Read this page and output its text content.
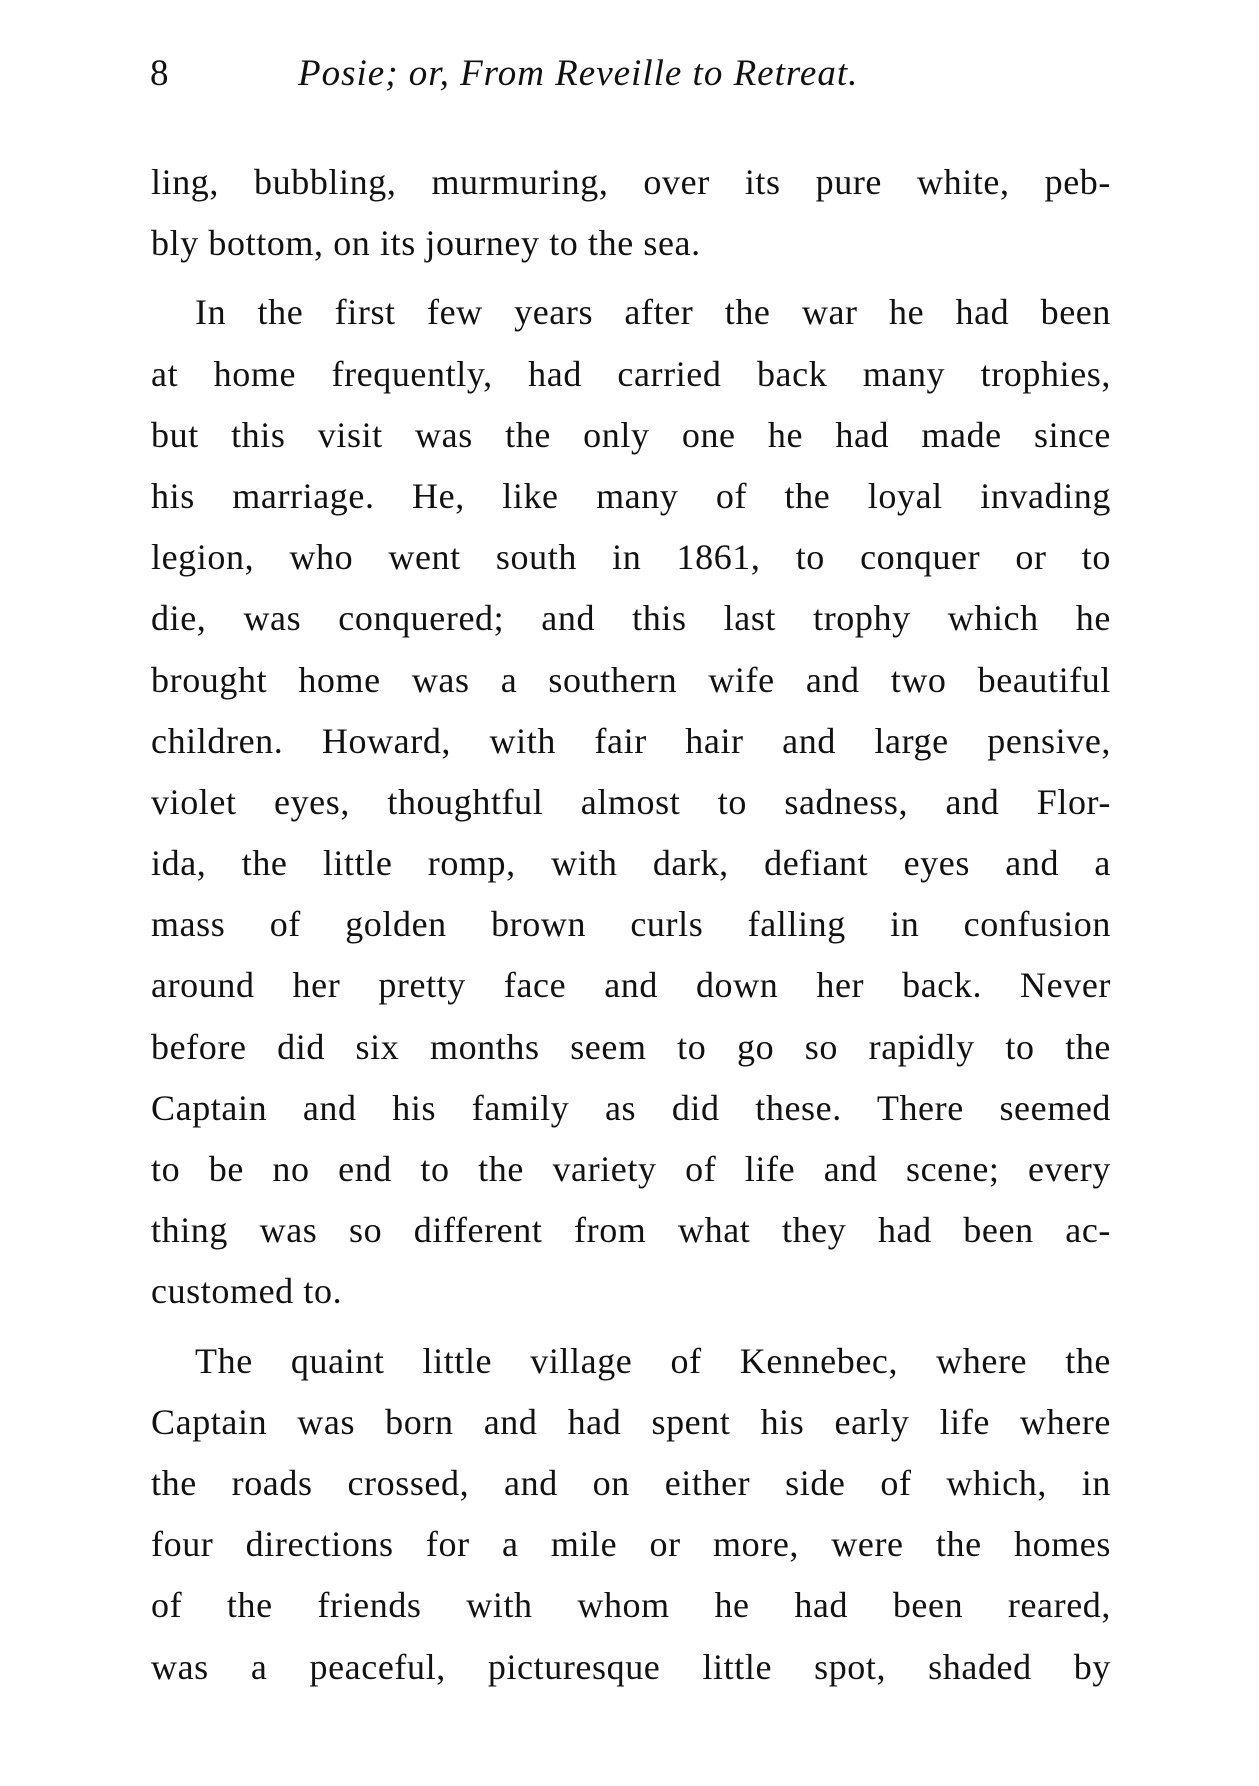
8	Posie; or, From Reveille to Retreat.
ling, bubbling, murmuring, over its pure white, peb-
bly bottom, on its journey to the sea.
In the first few years after the war he had been
at home frequently, had carried back many trophies,
but this visit was the only one he had made since
his marriage. He, like many of the loyal invading
legion, who went south in 1861, to conquer or to
die, was conquered; and this last trophy which he
brought home was a southern wife and two beautiful
children. Howard, with fair hair and large pensive,
violet eyes, thoughtful almost to sadness, and Flor-
ida, the little romp, with dark, defiant eyes and a
mass of golden brown curls falling in confusion
around her pretty face and down her back. Never
before did six months seem to go so rapidly to the
Captain and his family as did these. There seemed
to be no end to the variety of life and scene; every
thing was so different from what they had been ac-
customed to.
The quaint little village of Kennebec, where the
Captain was born and had spent his early life where
the roads crossed, and on either side of which, in
four directions for a mile or more, were the homes
of the friends with whom he had been reared,
was a peaceful, picturesque little spot, shaded by
